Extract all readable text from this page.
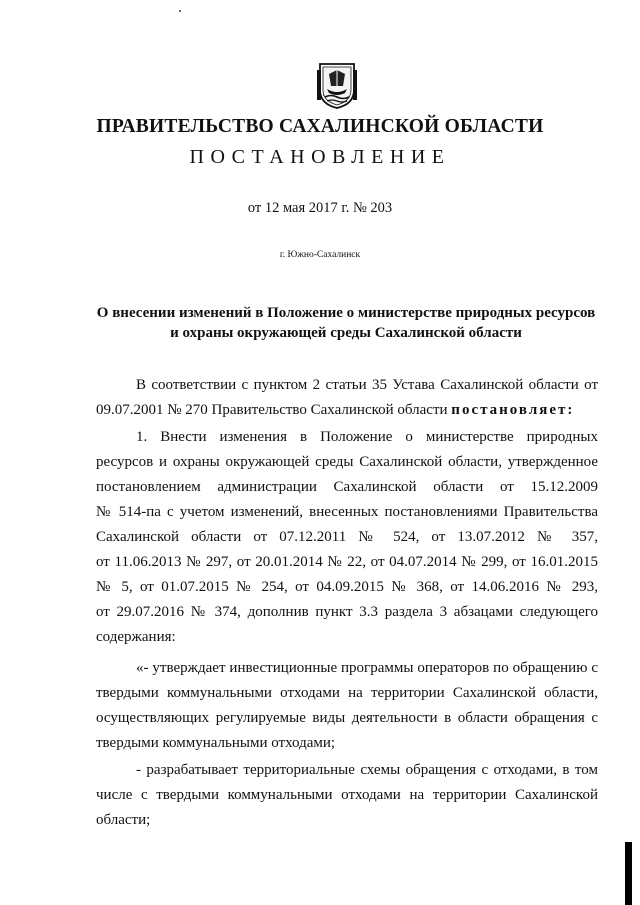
ПРАВИТЕЛЬСТВО САХАЛИНСКОЙ ОБЛАСТИ
ПОСТАНОВЛЕНИЕ
от 12 мая 2017 г. № 203
г. Южно-Сахалинск
О внесении изменений в Положение о министерстве природных ресурсов
и охраны окружающей среды Сахалинской области
В соответствии с пунктом 2 статьи 35 Устава Сахалинской области от
09.07.2001 № 270 Правительство Сахалинской области постановляет:
1. Внести изменения в Положение о министерстве природных
ресурсов и охраны окружающей среды Сахалинской области, утвержденное
постановлением администрации Сахалинской области от 15.12.2009
№ 514-па с учетом изменений, внесенных постановлениями Правительства
Сахалинской области от 07.12.2011 № 524, от 13.07.2012 № 357,
от 11.06.2013 № 297, от 20.01.2014 № 22, от 04.07.2014 № 299, от 16.01.2015
№ 5, от 01.07.2015 № 254, от 04.09.2015 № 368, от 14.06.2016 № 293,
от 29.07.2016 № 374, дополнив пункт 3.3 раздела 3 абзацами следующего
содержания:
«- утверждает инвестиционные программы операторов по обращению с
твердыми коммунальными отходами на территории Сахалинской области,
осуществляющих регулируемые виды деятельности в области обращения с
твердыми коммунальными отходами;
- разрабатывает территориальные схемы обращения с отходами, в том
числе с твердыми коммунальными отходами на территории Сахалинской
области;
